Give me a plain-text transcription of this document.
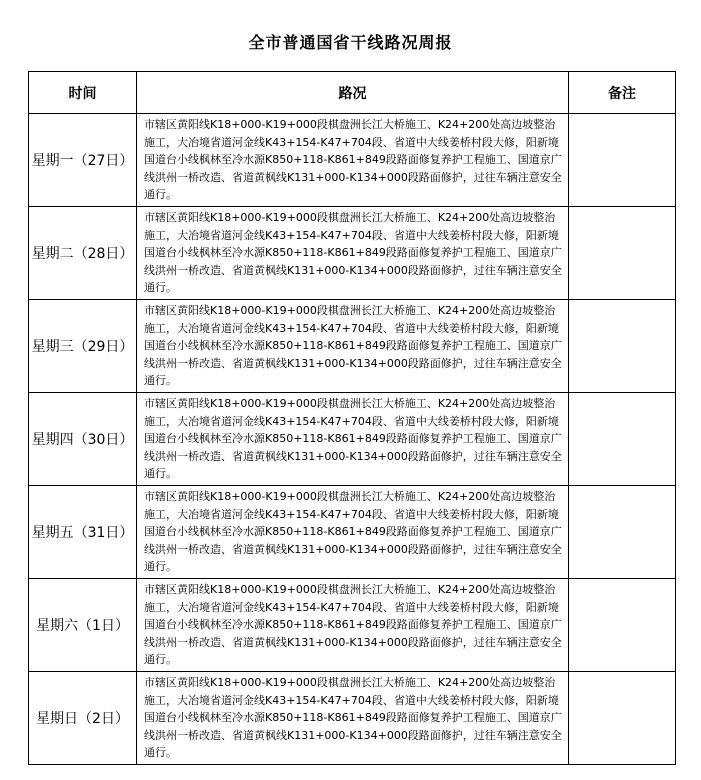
全市普通国省干线路况周报
时间	路况	备注
星期一（27日）	市辖区黄阳线K18+000-K19+000段棋盘洲长江大桥施工、K24+200处高边坡整治施工，大冶境省道河金线K43+154-K47+704段、省道中大线姜桥村段大修，阳新境国道台小线枫林至冷水源K850+118-K861+849段路面修复养护工程施工、国道京广线洪州一桥改造、省道黄枫线K131+000-K134+000段路面修护，过往车辆注意安全通行。	
星期二（28日）	市辖区黄阳线K18+000-K19+000段棋盘洲长江大桥施工、K24+200处高边坡整治施工，大冶境省道河金线K43+154-K47+704段、省道中大线姜桥村段大修，阳新境国道台小线枫林至冷水源K850+118-K861+849段路面修复养护工程施工、国道京广线洪州一桥改造、省道黄枫线K131+000-K134+000段路面修护，过往车辆注意安全通行。	
星期三（29日）	市辖区黄阳线K18+000-K19+000段棋盘洲长江大桥施工、K24+200处高边坡整治施工，大冶境省道河金线K43+154-K47+704段、省道中大线姜桥村段大修，阳新境国道台小线枫林至冷水源K850+118-K861+849段路面修复养护工程施工、国道京广线洪州一桥改造、省道黄枫线K131+000-K134+000段路面修护，过往车辆注意安全通行。	
星期四（30日）	市辖区黄阳线K18+000-K19+000段棋盘洲长江大桥施工、K24+200处高边坡整治施工，大冶境省道河金线K43+154-K47+704段、省道中大线姜桥村段大修，阳新境国道台小线枫林至冷水源K850+118-K861+849段路面修复养护工程施工、国道京广线洪州一桥改造、省道黄枫线K131+000-K134+000段路面修护，过往车辆注意安全通行。	
星期五（31日）	市辖区黄阳线K18+000-K19+000段棋盘洲长江大桥施工、K24+200处高边坡整治施工，大冶境省道河金线K43+154-K47+704段、省道中大线姜桥村段大修，阳新境国道台小线枫林至冷水源K850+118-K861+849段路面修复养护工程施工、国道京广线洪州一桥改造、省道黄枫线K131+000-K134+000段路面修护，过往车辆注意安全通行。	
星期六（1日）	市辖区黄阳线K18+000-K19+000段棋盘洲长江大桥施工、K24+200处高边坡整治施工，大冶境省道河金线K43+154-K47+704段、省道中大线姜桥村段大修，阳新境国道台小线枫林至冷水源K850+118-K861+849段路面修复养护工程施工、国道京广线洪州一桥改造、省道黄枫线K131+000-K134+000段路面修护，过往车辆注意安全通行。	
星期日（2日）	市辖区黄阳线K18+000-K19+000段棋盘洲长江大桥施工、K24+200处高边坡整治施工，大冶境省道河金线K43+154-K47+704段、省道中大线姜桥村段大修，阳新境国道台小线枫林至冷水源K850+118-K861+849段路面修复养护工程施工、国道京广线洪州一桥改造、省道黄枫线K131+000-K134+000段路面修护，过往车辆注意安全通行。	
